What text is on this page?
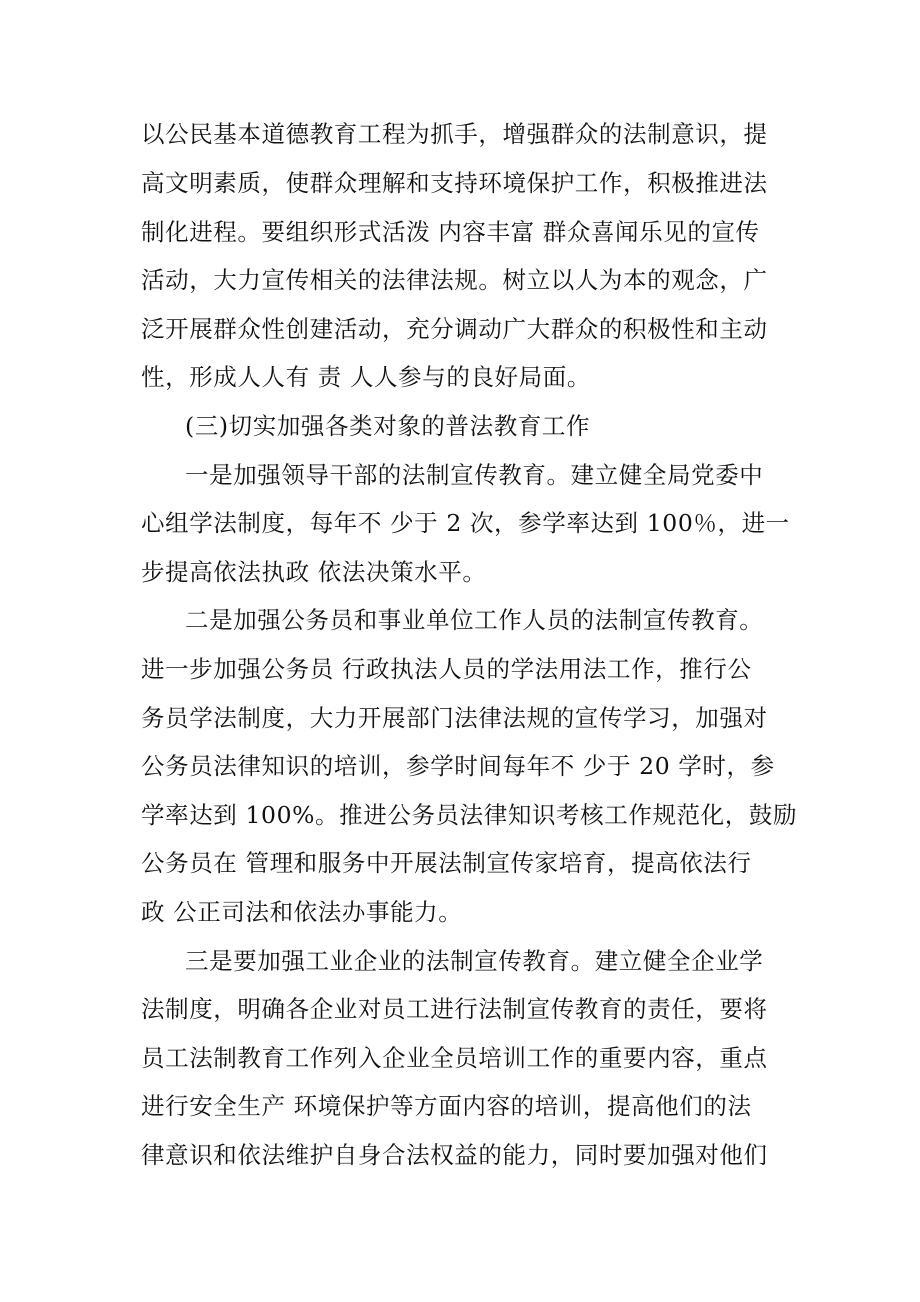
以公民基本道德教育工程为抓手，增强群众的法制意识，提
高文明素质，使群众理解和支持环境保护工作，积极推进法
制化进程。要组织形式活泼 内容丰富 群众喜闻乐见的宣传
活动，大力宣传相关的法律法规。树立以人为本的观念，广
泛开展群众性创建活动，充分调动广大群众的积极性和主动
性，形成人人有 责 人人参与的良好局面。
(三)切实加强各类对象的普法教育工作
一是加强领导干部的法制宣传教育。建立健全局党委中
心组学法制度，每年不 少于 2 次，参学率达到 100％，进一
步提高依法执政 依法决策水平。
二是加强公务员和事业单位工作人员的法制宣传教育。
进一步加强公务员 行政执法人员的学法用法工作，推行公
务员学法制度，大力开展部门法律法规的宣传学习，加强对
公务员法律知识的培训，参学时间每年不 少于 20 学时，参
学率达到 100%。推进公务员法律知识考核工作规范化，鼓励
公务员在 管理和服务中开展法制宣传家培育，提高依法行
政 公正司法和依法办事能力。
三是要加强工业企业的法制宣传教育。建立健全企业学
法制度，明确各企业对员工进行法制宣传教育的责任，要将
员工法制教育工作列入企业全员培训工作的重要内容，重点
进行安全生产 环境保护等方面内容的培训，提高他们的法
律意识和依法维护自身合法权益的能力，同时要加强对他们
